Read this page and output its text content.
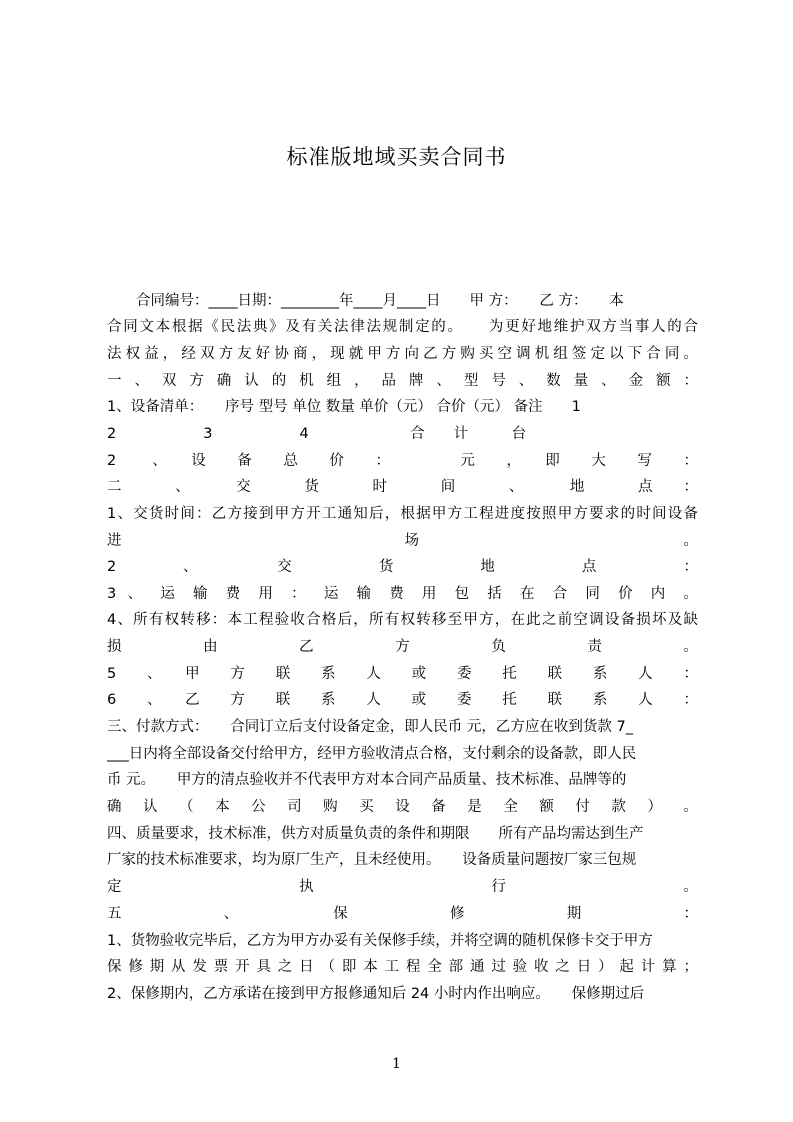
标准版地域买卖合同书
　　合同编号：____日期：________年____月____日　　甲 方：　　乙 方：　　本
合同文本根据《民法典》及有关法律法规制定的。　　为更好地维护双方当事人的合
法权益，经双方友好协商，现就甲方向乙方购买空调机组签定以下合同。
一 、 双 方 确 认 的 机 组 ， 品 牌 、 型 号 、 数 量 、 金 额 ：
1、设备清单：　　序号 型号 单位 数量 单价（元） 合价（元） 备注　　1
2　　　　　　3　　　　　　4　　　　　　　合　　计　　　台
2 　、　设　备　总　价　：　　　元　，　即　大　写　：
二　　、　　交　　货　　时　　间　　、　　地　　点　：
1、交货时间：乙方接到甲方开工通知后，根据甲方工程进度按照甲方要求的时间设备
进　　　　　　　　　　　　　　　场　　　　　　　　　　　　　　。
2　　　、　　　　交　　　　货　　　　地　　　　点　　　　：
3 、 运 输 费 用 ： 运 输 费 用 包 括 在 合 同 价 内 。
4、所有权转移：本工程验收合格后，所有权转移至甲方，在此之前空调设备损坏及缺
损　　　　由　　　　乙　　　　方　　　　负　　　　责　　　　。
5　、　甲　方　联　系　人　或　委　托　联　系　人　：
6　、　乙　方　联　系　人　或　委　托　联　系　人　：
三、付款方式：　　合同订立后支付设备定金，即人民币 元，乙方应在收到货款 7_
___日内将全部设备交付给甲方，经甲方验收清点合格，支付剩余的设备款，即人民
币 元。　　甲方的清点验收并不代表甲方对本合同产品质量、技术标准、品牌等的
确 认 （ 本 公 司 购 买 设 备 是 全 额 付 款 ） 。
四、质量要求，技术标准，供方对质量负责的条件和期限　　所有产品均需达到生产
厂家的技术标准要求，均为原厂生产，且未经使用。　　设备质量问题按厂家三包规
定　　　　　　　执　　　　　　　行　　　　　　　。
五　　　、　　　保　　　修　　　期　　　：
1、货物验收完毕后，乙方为甲方办妥有关保修手续，并将空调的随机保修卡交于甲方
保 修 期 从 发 票 开 具 之 日 （ 即 本 工 程 全 部 通 过 验 收 之 日 ） 起 计 算 ；
2、保修期内，乙方承诺在接到甲方报修通知后 24 小时内作出响应。　　保修期过后
1
